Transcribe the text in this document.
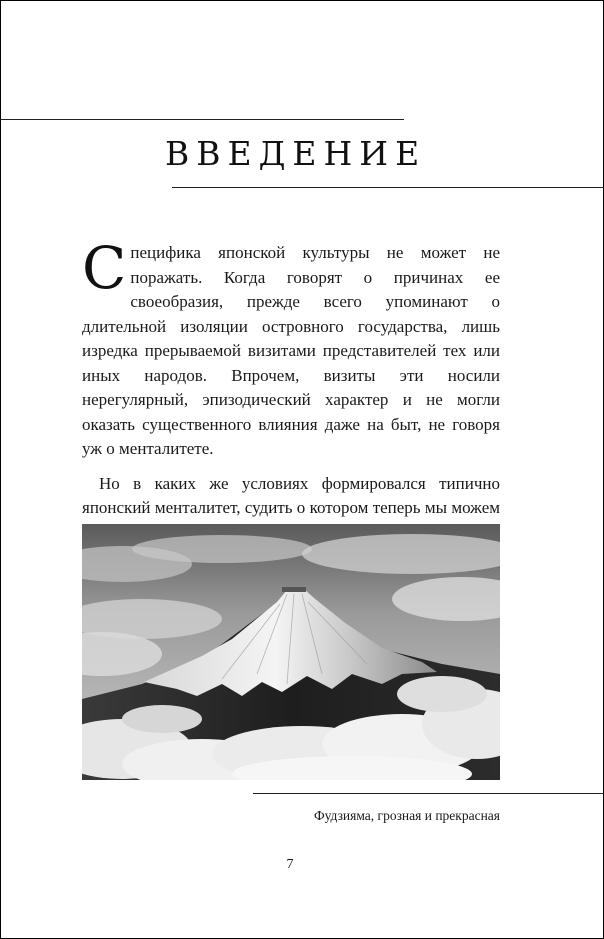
ВВЕДЕНИЕ

Специфика японской культуры не может не поражать. Когда говорят о причинах ее своеобразия, прежде всего упоминают о длительной изоляции островного государства, лишь изредка прерываемой визитами представителей тех или иных народов. Впрочем, визиты эти носили нерегулярный, эпизодический характер и не могли оказать существенного влияния даже на быт, не говоря уж о менталитете.

Но в каких же условиях формировался типично японский менталитет, судить о котором теперь мы можем

Фудзияма, грозная и прекрасная
7
